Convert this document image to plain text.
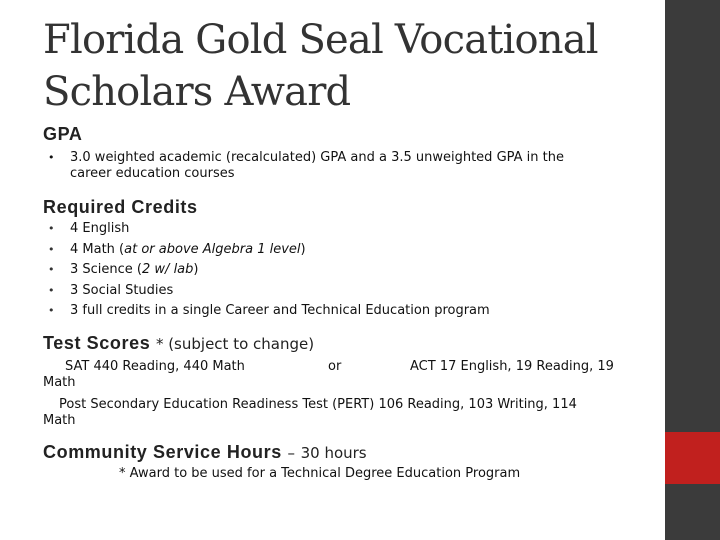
Florida Gold Seal Vocational
Scholars Award
GPA
• 3.0 weighted academic (recalculated) GPA and a 3.5 unweighted GPA in the
career education courses
Required Credits
• 4 English
• 4 Math (at or above Algebra 1 level)
• 3 Science (2 w/ lab)
• 3 Social Studies
• 3 full credits in a single Career and Technical Education program
Test Scores * (subject to change)
SAT 440 Reading, 440 Math	or	ACT 17 English, 19 Reading, 19
Math
Post Secondary Education Readiness Test (PERT) 106 Reading, 103 Writing, 114
Math
Community Service Hours – 30 hours
* Award to be used for a Technical Degree Education Program
